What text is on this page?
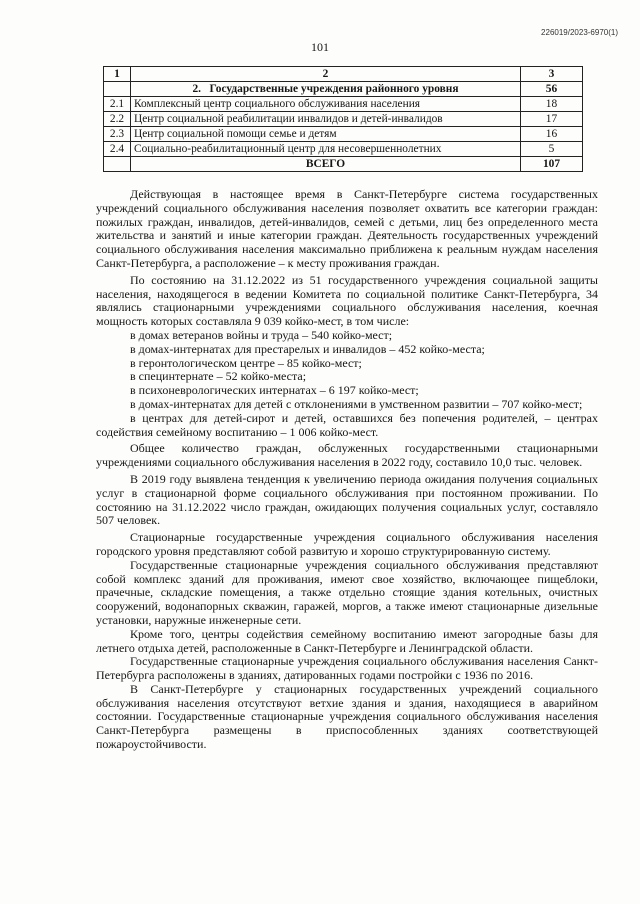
226019/2023-6970(1)
101
1	2	3
	2.   Государственные учреждения районного уровня	56
2.1	Комплексный центр социального обслуживания населения	18
2.2	Центр социальной реабилитации инвалидов и детей-инвалидов	17
2.3	Центр социальной помощи семье и детям	16
2.4	Социально-реабилитационный центр для несовершеннолетних	5
	ВСЕГО	107

Действующая в настоящее время в Санкт-Петербурге система государственных учреждений социального обслуживания населения позволяет охватить все категории граждан: пожилых граждан, инвалидов, детей-инвалидов, семей с детьми, лиц без определенного места жительства и занятий и иные категории граждан. Деятельность государственных учреждений социального обслуживания населения максимально приближена к реальным нуждам населения Санкт-Петербурга, а расположение – к месту проживания граждан.

По состоянию на 31.12.2022 из 51 государственного учреждения социальной защиты населения, находящегося в ведении Комитета по социальной политике Санкт-Петербурга, 34 являлись стационарными учреждениями социального обслуживания населения, коечная мощность которых составляла 9 039 койко-мест, в том числе:

в домах ветеранов войны и труда – 540 койко-мест;

в домах-интернатах для престарелых и инвалидов – 452 койко-места;

в геронтологическом центре – 85 койко-мест;

в специнтернате – 52 койко-места;

в психоневрологических интернатах – 6 197 койко-мест;

в домах-интернатах для детей с отклонениями в умственном развитии – 707 койко-мест;

в центрах для детей-сирот и детей, оставшихся без попечения родителей, – центрах содействия семейному воспитанию – 1 006 койко-мест.

Общее количество граждан, обслуженных государственными стационарными учреждениями социального обслуживания населения в 2022 году, составило 10,0 тыс. человек.

В 2019 году выявлена тенденция к увеличению периода ожидания получения социальных услуг в стационарной форме социального обслуживания при постоянном проживании. По состоянию на 31.12.2022 число граждан, ожидающих получения социальных услуг, составляло 507 человек.

Стационарные государственные учреждения социального обслуживания населения городского уровня представляют собой развитую и хорошо структурированную систему.

Государственные стационарные учреждения социального обслуживания представляют собой комплекс зданий для проживания, имеют свое хозяйство, включающее пищеблоки, прачечные, складские помещения, а также отдельно стоящие здания котельных, очистных сооружений, водонапорных скважин, гаражей, моргов, а также имеют стационарные дизельные установки, наружные инженерные сети.

Кроме того, центры содействия семейному воспитанию имеют загородные базы для летнего отдыха детей, расположенные в Санкт-Петербурге и Ленинградской области.

Государственные стационарные учреждения социального обслуживания населения Санкт-Петербурга расположены в зданиях, датированных годами постройки с 1936 по 2016.

В Санкт-Петербурге у стационарных государственных учреждений социального обслуживания населения отсутствуют ветхие здания и здания, находящиеся в аварийном состоянии. Государственные стационарные учреждения социального обслуживания населения Санкт-Петербурга размещены в приспособленных зданиях соответствующей пожароустойчивости.
